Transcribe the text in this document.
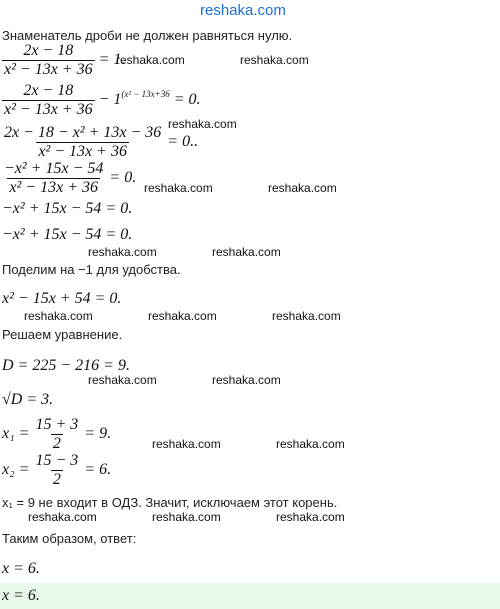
reshaka.com
Знаменатель дроби не должен равняться нулю.
$\frac{2x - 18}{\text{x² − 13x + 36}} = 1$.
$\frac{2x - 18}{\text{x² − 13x + 36}} - 1^{(x^2 - 13x+36} = 0$.
$\frac{\text{2x − 18 − x² + 13x − 36}}{\text{x² − 13x + 36}} = 0$..
$\frac{\text{−x² + 15x − 54}}{\text{x² − 13x + 36}} = 0$.
−x² + 15x − 54 = 0.
−x² + 15x − 54 = 0.
Поделим на −1 для удобства.
x² − 15x + 54 = 0.
Решаем уравнение.
D = 225 − 216 = 9.
√D = 3.
$x_1 = \frac{15 + 3}{2} = 9$.
$x_2 = \frac{15 - 3}{2} = 6$.
x₁ = 9 не входит в ОДЗ. Значит, исключаем этот корень.
Таким образом, ответ:
x = 6.
x = 6.
reshaka.com	reshaka.com
reshaka.com
reshaka.com	reshaka.com
reshaka.com	reshaka.com
reshaka.com	reshaka.com	reshaka.com
reshaka.com	reshaka.com
reshaka.com	reshaka.com
reshaka.com	reshaka.com	reshaka.com
